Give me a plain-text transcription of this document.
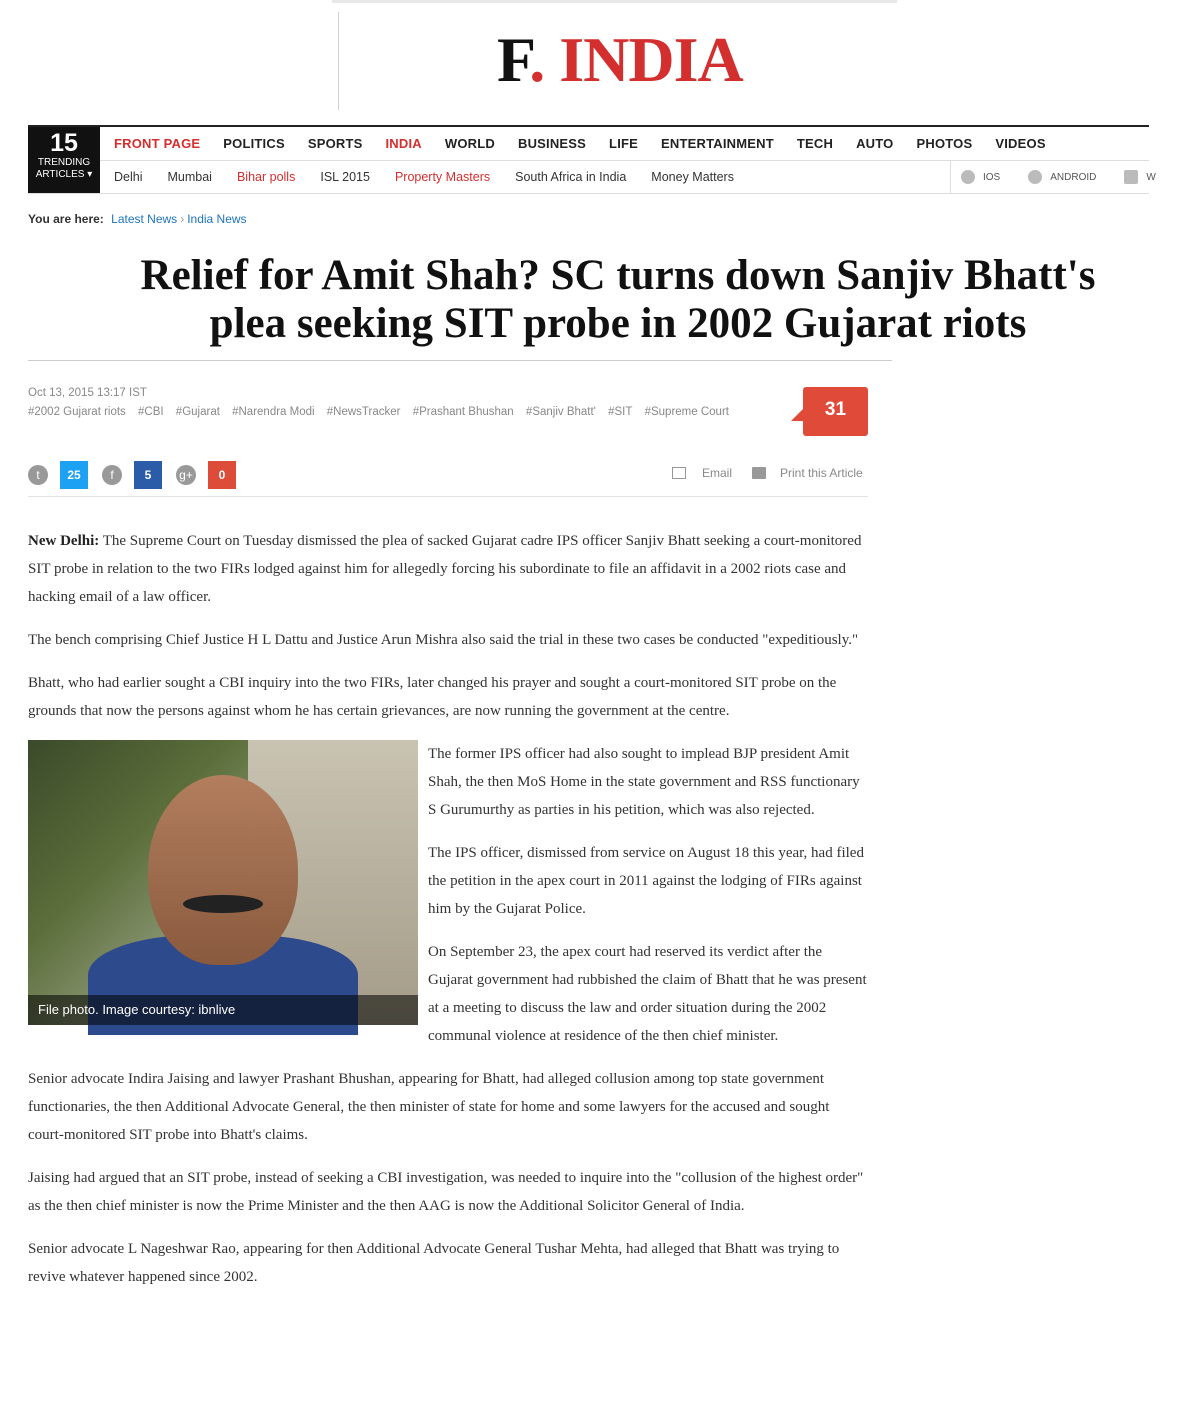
F. INDIA
15
TRENDING
ARTICLES ▾
FRONT PAGE POLITICS SPORTS INDIA WORLD BUSINESS LIFE ENTERTAINMENT TECH AUTO PHOTOS VIDEOS
Delhi Mumbai Bihar polls ISL 2015 Property Masters South Africa in India Money Matters	IOS	ANDROID	W
You are here: Latest News › India News
Relief for Amit Shah? SC turns down Sanjiv Bhatt's plea seeking SIT probe in 2002 Gujarat riots
Oct 13, 2015 13:17 IST
#2002 Gujarat riots #CBI #Gujarat #Narendra Modi #NewsTracker #Prashant Bhushan #Sanjiv Bhatt' #SIT #Supreme Court	31
t	25	f	5	g+	0	Email	Print this Article

New Delhi: The Supreme Court on Tuesday dismissed the plea of sacked Gujarat cadre IPS officer Sanjiv Bhatt seeking a court-monitored SIT probe in relation to the two FIRs lodged against him for allegedly forcing his subordinate to file an affidavit in a 2002 riots case and hacking email of a law officer.

The bench comprising Chief Justice H L Dattu and Justice Arun Mishra also said the trial in these two cases be conducted "expeditiously."

Bhatt, who had earlier sought a CBI inquiry into the two FIRs, later changed his prayer and sought a court-monitored SIT probe on the grounds that now the persons against whom he has certain grievances, are now running the government at the centre.

File photo. Image courtesy: ibnlive

The former IPS officer had also sought to implead BJP president Amit Shah, the then MoS Home in the state government and RSS functionary S Gurumurthy as parties in his petition, which was also rejected.

The IPS officer, dismissed from service on August 18 this year, had filed the petition in the apex court in 2011 against the lodging of FIRs against him by the Gujarat Police.

On September 23, the apex court had reserved its verdict after the Gujarat government had rubbished the claim of Bhatt that he was present at a meeting to discuss the law and order situation during the 2002 communal violence at residence of the then chief minister.

Senior advocate Indira Jaising and lawyer Prashant Bhushan, appearing for Bhatt, had alleged collusion among top state government functionaries, the then Additional Advocate General, the then minister of state for home and some lawyers for the accused and sought court-monitored SIT probe into Bhatt's claims.

Jaising had argued that an SIT probe, instead of seeking a CBI investigation, was needed to inquire into the "collusion of the highest order" as the then chief minister is now the Prime Minister and the then AAG is now the Additional Solicitor General of India.

Senior advocate L Nageshwar Rao, appearing for then Additional Advocate General Tushar Mehta, had alleged that Bhatt was trying to revive whatever happened since 2002.
